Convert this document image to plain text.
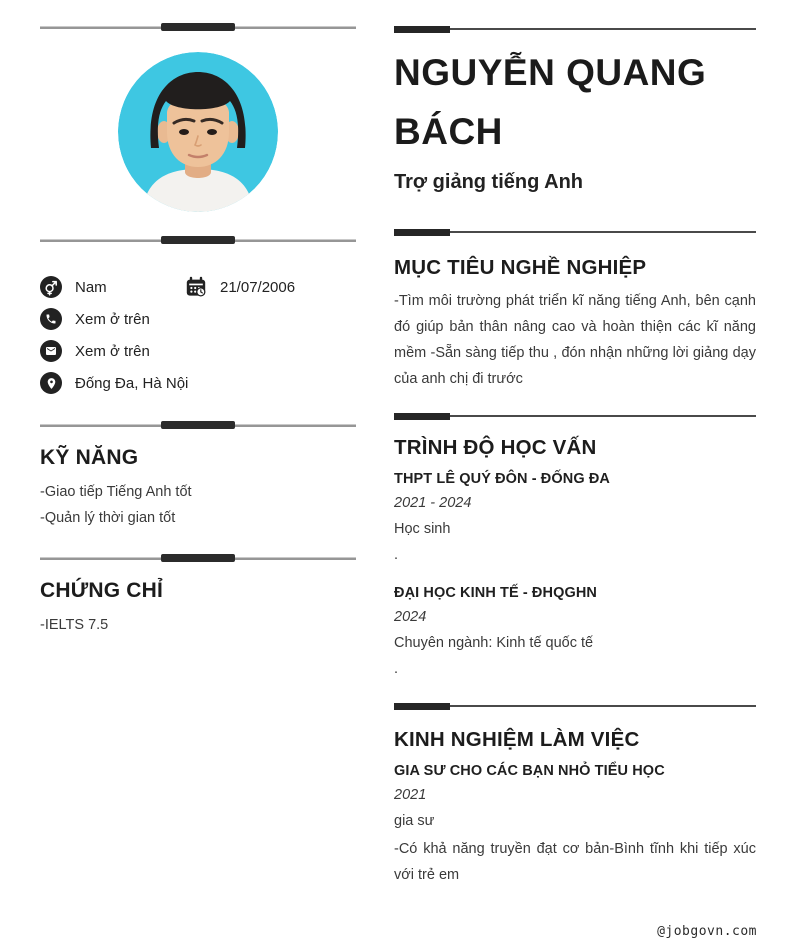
Nam	21/07/2006
Xem ở trên
Xem ở trên
Đống Đa, Hà Nội
KỸ NĂNG
-Giao tiếp Tiếng Anh tốt
-Quản lý thời gian tốt
CHỨNG CHỈ
-IELTS 7.5
NGUYỄN QUANG BÁCH
Trợ giảng tiếng Anh
MỤC TIÊU NGHỀ NGHIỆP

-Tìm môi trường phát triển kĩ năng tiếng Anh, bên cạnh đó giúp bản thân nâng cao và hoàn thiện các kĩ năng mềm -Sẵn sàng tiếp thu , đón nhận những lời giảng dạy của anh chị đi trước

TRÌNH ĐỘ HỌC VẤN
THPT LÊ QUÝ ĐÔN - ĐỐNG ĐA
2021 - 2024
Học sinh
.
ĐẠI HỌC KINH TẾ - ĐHQGHN
2024
Chuyên ngành: Kinh tế quốc tế
.
KINH NGHIỆM LÀM VIỆC
GIA SƯ CHO CÁC BẠN NHỎ TIỂU HỌC
2021
gia sư

-Có khả năng truyền đạt cơ bản-Bình tĩnh khi tiếp xúc với trẻ em

@jobgovn.com
